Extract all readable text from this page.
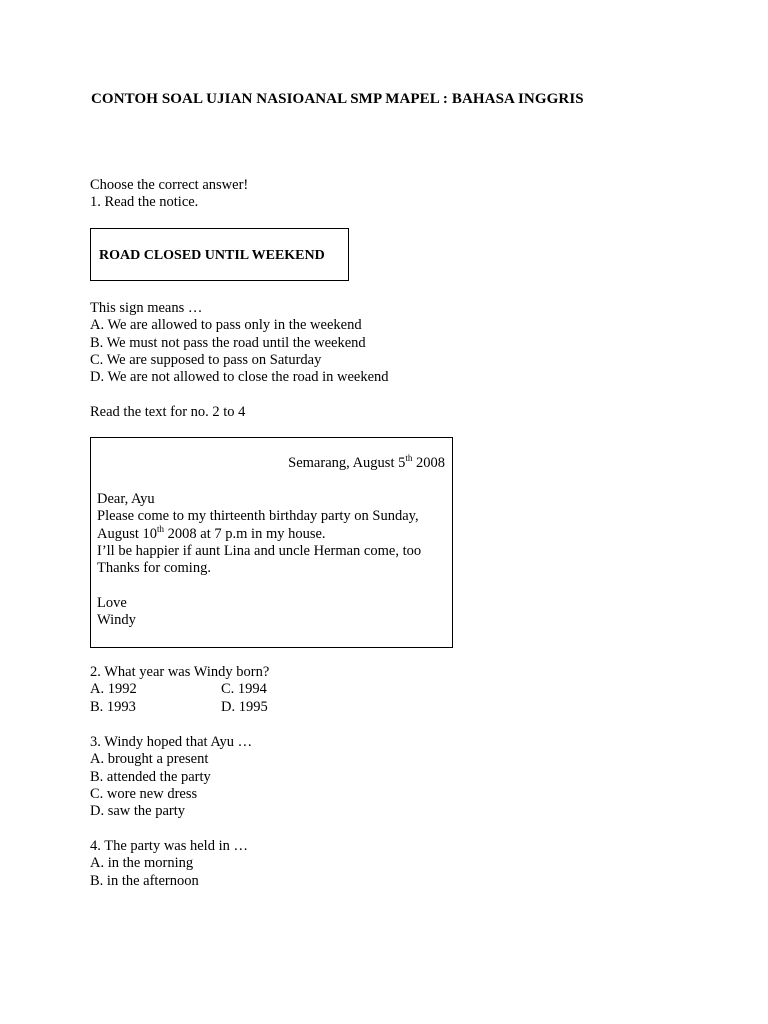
CONTOH SOAL UJIAN NASIOANAL SMP MAPEL : BAHASA INGGRIS
Choose the correct answer!
1. Read the notice.
ROAD CLOSED UNTIL WEEKEND
This sign means …
A. We are allowed to pass only in the weekend
B. We must not pass the road until the weekend
C. We are supposed to pass on Saturday
D. We are not allowed to close the road in weekend
Read the text for no. 2 to 4
Semarang, August 5th 2008
Dear, Ayu
Please come to my thirteenth birthday party on Sunday,
August 10th 2008 at 7 p.m in my house.
I’ll be happier if aunt Lina and uncle Herman come, too
Thanks for coming.
Love
Windy
2. What year was Windy born?
A. 1992	C. 1994
B. 1993	D. 1995
3. Windy hoped that Ayu …
A. brought a present
B. attended the party
C. wore new dress
D. saw the party
4. The party was held in …
A. in the morning
B. in the afternoon
